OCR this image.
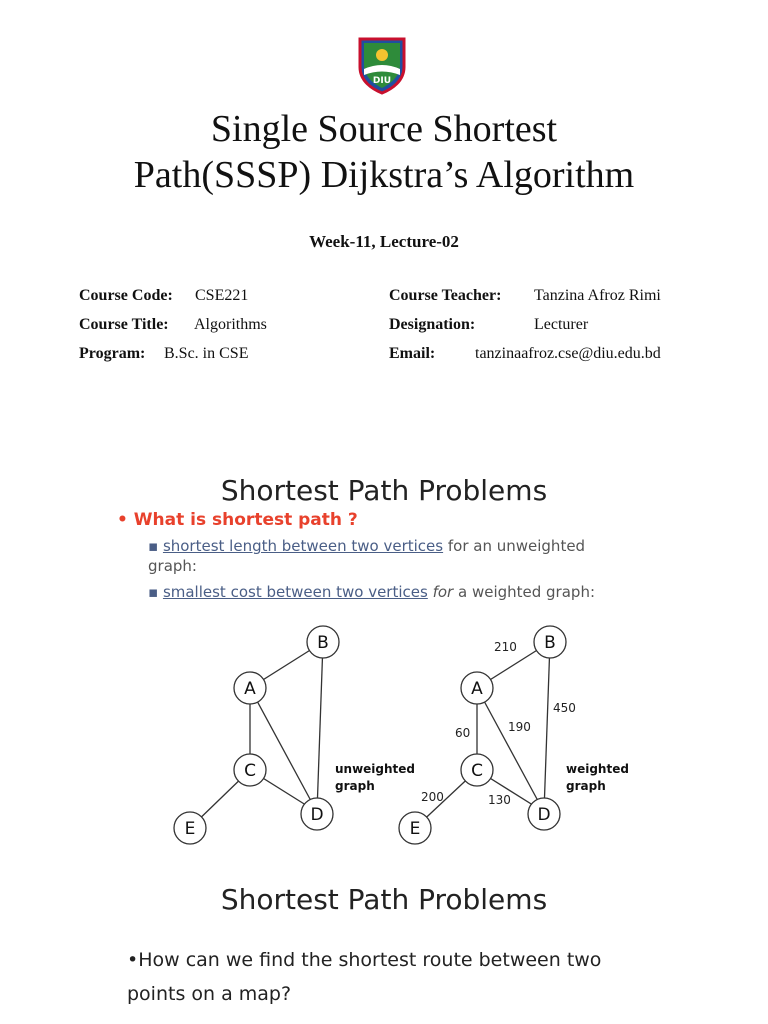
DIU
Single Source Shortest
Path(SSSP) Dijkstra’s Algorithm
Week-11, Lecture-02
Course Code: CSE221
Course Title: Algorithms
Program: B.Sc. in CSE
Course Teacher: Tanzina Afroz Rimi
Designation:	Lecturer
Email: tanzinaafroz.cse@diu.edu.bd
Shortest Path Problems
• What is shortest path ?
▪ shortest length between two vertices for an unweighted graph:
▪ smallest cost between two vertices for a weighted graph:
A
B
C
D
E
unweighted
graph
A
B
C
D
E
210
60	190
450
200	130
weighted
graph
Shortest Path Problems
•How can we find the shortest route between two points on a map?
